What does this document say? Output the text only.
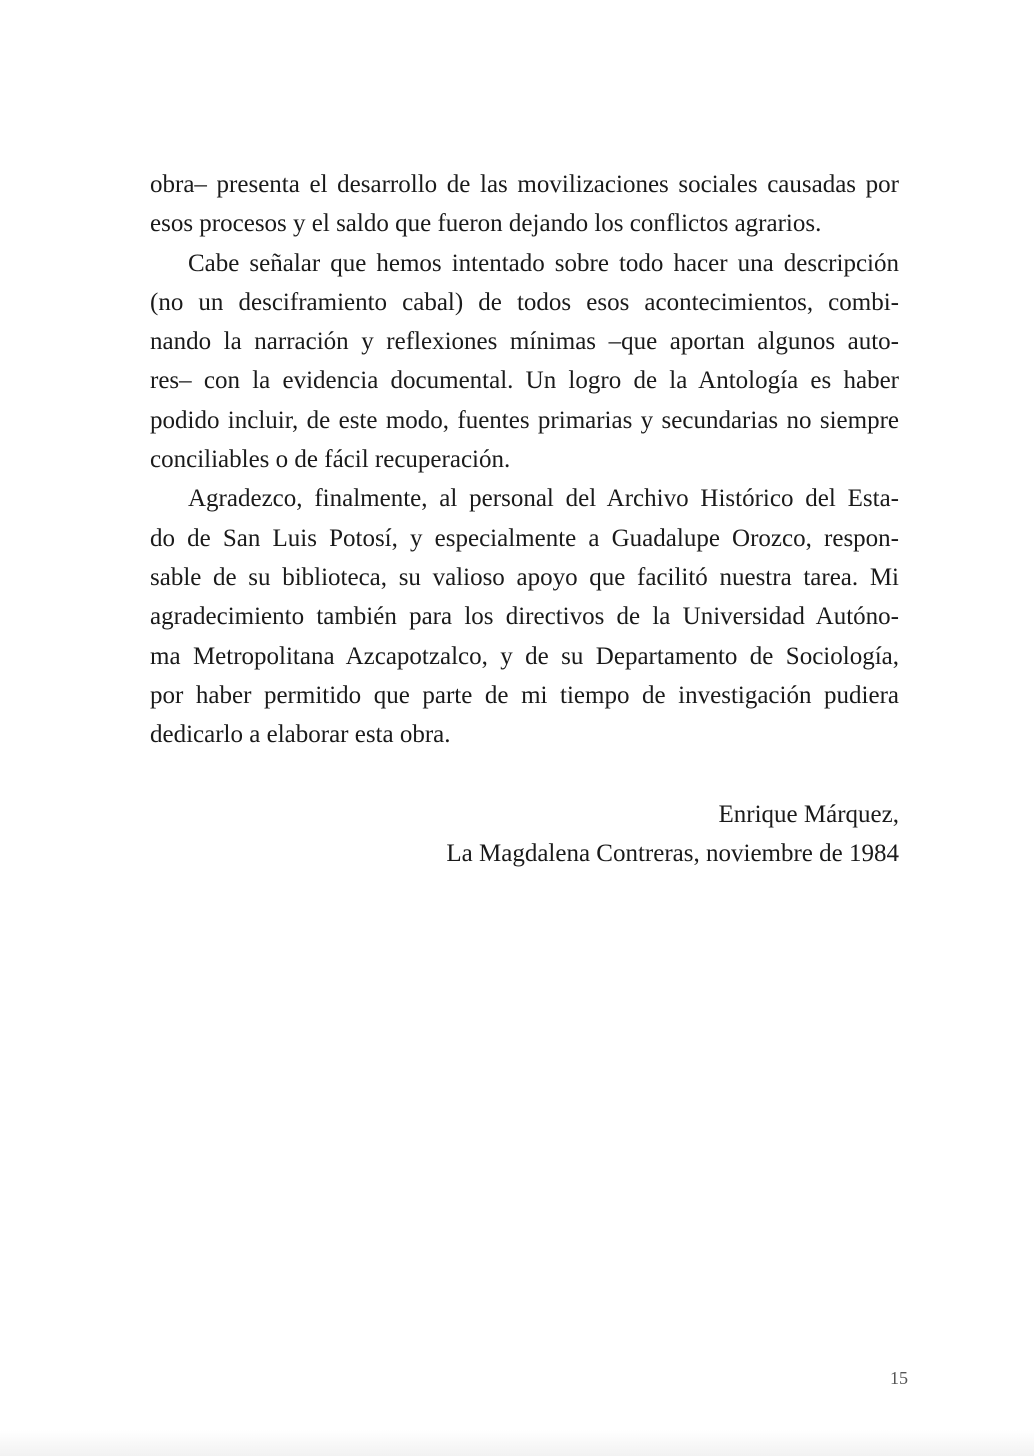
obra– presenta el desarrollo de las movilizaciones sociales causadas por
esos procesos y el saldo que fueron dejando los conflictos agrarios.
Cabe señalar que hemos intentado sobre todo hacer una descripción
(no un desciframiento cabal) de todos esos acontecimientos, combi-
nando la narración y reflexiones mínimas –que aportan algunos auto-
res– con la evidencia documental. Un logro de la Antología es haber
podido incluir, de este modo, fuentes primarias y secundarias no siempre
conciliables o de fácil recuperación.
Agradezco, finalmente, al personal del Archivo Histórico del Esta-
do de San Luis Potosí, y especialmente a Guadalupe Orozco, respon-
sable de su biblioteca, su valioso apoyo que facilitó nuestra tarea. Mi
agradecimiento también para los directivos de la Universidad Autóno-
ma Metropolitana Azcapotzalco, y de su Departamento de Sociología,
por haber permitido que parte de mi tiempo de investigación pudiera
dedicarlo a elaborar esta obra.
Enrique Márquez,
La Magdalena Contreras, noviembre de 1984
15
